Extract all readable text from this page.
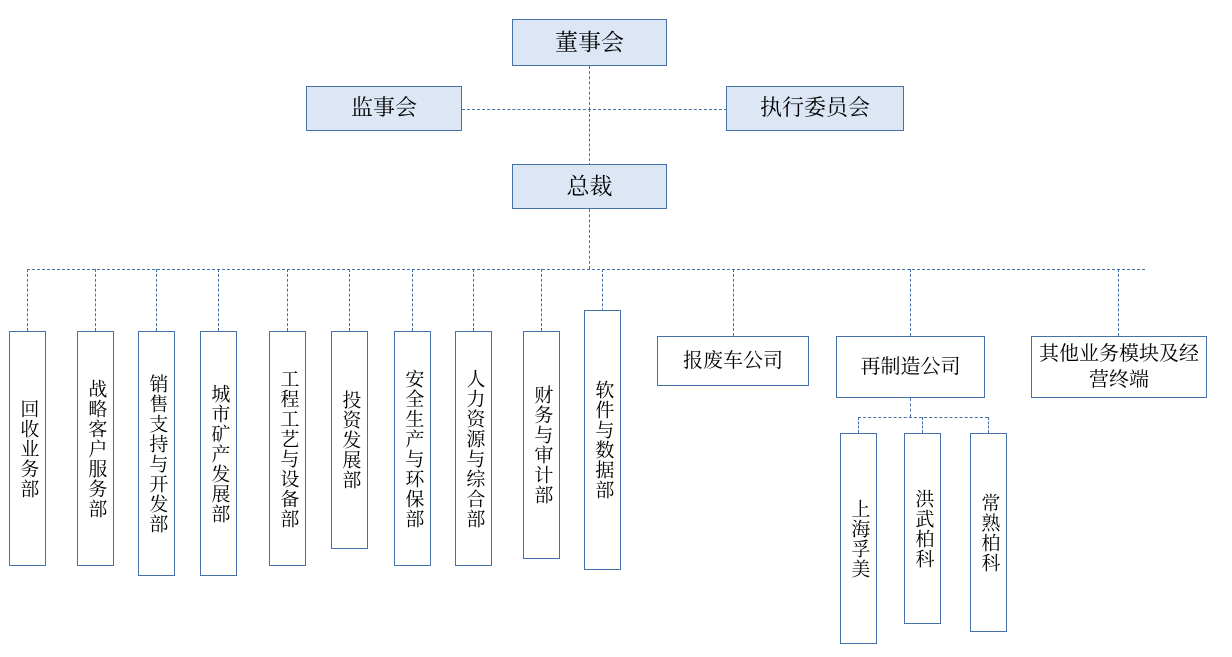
董事会
监事会	执行委员会
总裁
回收业务部 战略客户服务部 销售支持与开发部 城市矿产发展部	工程工艺与设备部 投资发展部 安全生产与环保部 人力资源与综合部 财务与审计部 软件与数据部
报废车公司	再制造公司
其他业务模块及经营终端
上海孚美 洪武柏科 常熟柏科
